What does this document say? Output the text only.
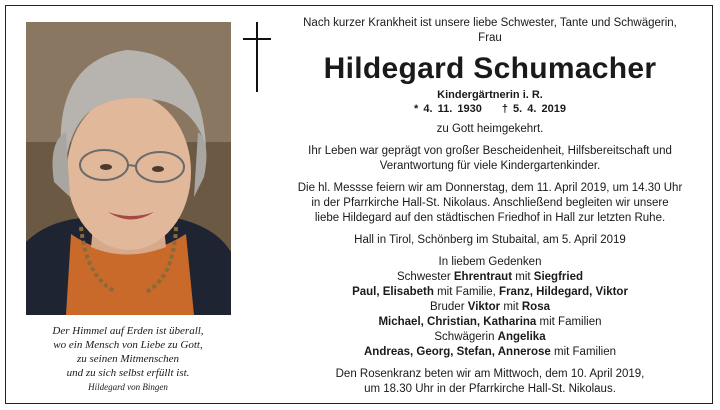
Der Himmel auf Erden ist überall,
wo ein Mensch von Liebe zu Gott,
zu seinen Mitmenschen
und zu sich selbst erfüllt ist.
Hildegard von Bingen

Nach kurzer Krankheit ist unsere liebe Schwester, Tante und Schwägerin,

Frau

Hildegard Schumacher
Kindergärtnerin i. R.
* 4. 11. 1930 † 5. 4. 2019

zu Gott heimgekehrt.

Ihr Leben war geprägt von großer Bescheidenheit, Hilfsbereitschaft und

Verantwortung für viele Kindergartenkinder.

Die hl. Messse feiern wir am Donnerstag, dem 11. April 2019, um 14.30 Uhr

in der Pfarrkirche Hall-St. Nikolaus. Anschließend begleiten wir unsere

liebe Hildegard auf den städtischen Friedhof in Hall zur letzten Ruhe.

Hall in Tirol, Schönberg im Stubaital, am 5. April 2019

In liebem Gedenken

Schwester Ehrentraut mit Siegfried

Paul, Elisabeth mit Familie, Franz, Hildegard, Viktor

Bruder Viktor mit Rosa

Michael, Christian, Katharina mit Familien

Schwägerin Angelika

Andreas, Georg, Stefan, Annerose mit Familien

Den Rosenkranz beten wir am Mittwoch, dem 10. April 2019,

um 18.30 Uhr in der Pfarrkirche Hall-St. Nikolaus.
